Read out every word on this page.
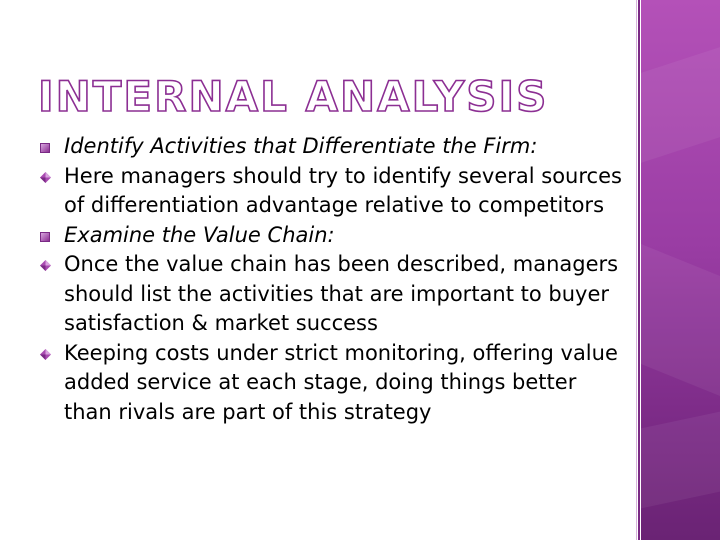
INTERNAL ANALYSIS
Identify Activities that Differentiate the Firm:
Here managers should try to identify several sources of differentiation advantage relative to competitors
Examine the Value Chain:
Once the value chain has been described, managers should list the activities that are important to buyer satisfaction & market success
Keeping costs under strict monitoring, offering value added service at each stage, doing things better than rivals are part of this strategy
